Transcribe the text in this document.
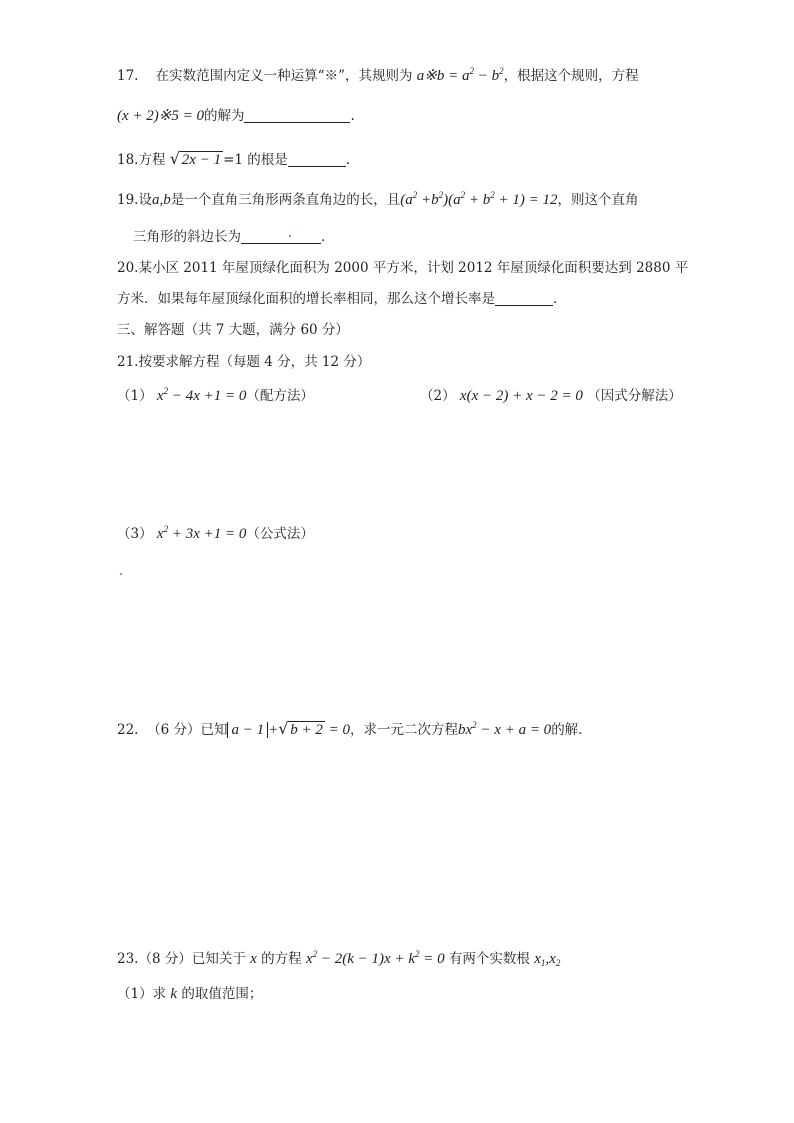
17. 在实数范围内定义一种运算“※”，其规则为 a※b = $a^2 - b^2$，根据这个规则，方程
(x + 2)※5 = 0的解为	.
18.方程 √ 2x − 1 =1 的根是	.
19.设a,b是一个直角三角形两条直角边的长，且$(a^2 +b^2)(a^2 + b^2 + 1) = 12$，则这个直角
三角形的斜边长为	.
20.某小区 2011 年屋顶绿化面积为 2000 平方米，计划 2012 年屋顶绿化面积要达到 2880 平
方米．如果每年屋顶绿化面积的增长率相同，那么这个增长率是	.
三、解答题（共 7 大题，满分 60 分）
21.按要求解方程（每题 4 分，共 12 分）
（1） $x^2 - 4x +1 = 0$（配方法）	（2） x(x − 2) + x − 2 = 0 （因式分解法）
（3） $x^2 + 3x +1 = 0$（公式法）
22. （6 分）已知 a − 1 + √ b + 2 = 0，求一元二次方程$bx^2 - x + a = 0$的解.
23.（8 分）已知关于 x 的方程 $x^2 - 2(k - 1)x + k^2 = 0$ 有两个实数根 $x_1,x_2$
（1）求 k 的取值范围；
